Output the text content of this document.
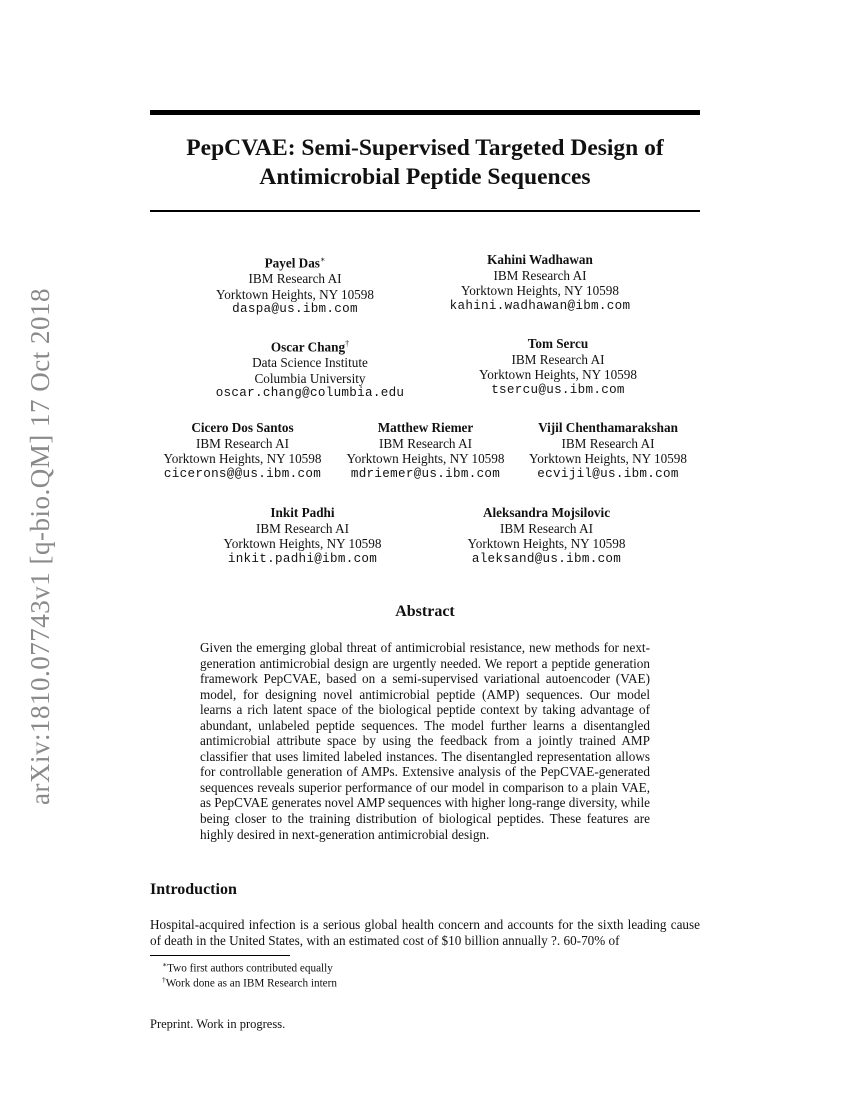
arXiv:1810.07743v1 [q-bio.QM] 17 Oct 2018
PepCVAE: Semi-Supervised Targeted Design of
Antimicrobial Peptide Sequences
Payel Das∗
IBM Research AI
Yorktown Heights, NY 10598
daspa@us.ibm.com
Kahini Wadhawan
IBM Research AI
Yorktown Heights, NY 10598
kahini.wadhawan@ibm.com
Oscar Chang†
Data Science Institute
Columbia University
oscar.chang@columbia.edu
Tom Sercu
IBM Research AI
Yorktown Heights, NY 10598
tsercu@us.ibm.com
Cicero Dos Santos
IBM Research AI
Yorktown Heights, NY 10598
cicerons@@us.ibm.com
Matthew Riemer
IBM Research AI
Yorktown Heights, NY 10598
mdriemer@us.ibm.com
Vijil Chenthamarakshan
IBM Research AI
Yorktown Heights, NY 10598
ecvijil@us.ibm.com
Inkit Padhi
IBM Research AI
Yorktown Heights, NY 10598
inkit.padhi@ibm.com
Aleksandra Mojsilovic
IBM Research AI
Yorktown Heights, NY 10598
aleksand@us.ibm.com
Abstract

Given the emerging global threat of antimicrobial resistance, new methods for next-generation antimicrobial design are urgently needed. We report a peptide generation framework PepCVAE, based on a semi-supervised variational autoencoder (VAE) model, for designing novel antimicrobial peptide (AMP) sequences. Our model learns a rich latent space of the biological peptide context by taking advantage of abundant, unlabeled peptide sequences. The model further learns a disentangled antimicrobial attribute space by using the feedback from a jointly trained AMP classifier that uses limited labeled instances. The disentangled representation allows for controllable generation of AMPs. Extensive analysis of the PepCVAE-generated sequences reveals superior performance of our model in comparison to a plain VAE, as PepCVAE generates novel AMP sequences with higher long-range diversity, while being closer to the training distribution of biological peptides. These features are highly desired in next-generation antimicrobial design.

Introduction

Hospital-acquired infection is a serious global health concern and accounts for the sixth leading cause of death in the United States, with an estimated cost of $10 billion annually ?. 60-70% of

∗Two first authors contributed equally
†Work done as an IBM Research intern
Preprint. Work in progress.
